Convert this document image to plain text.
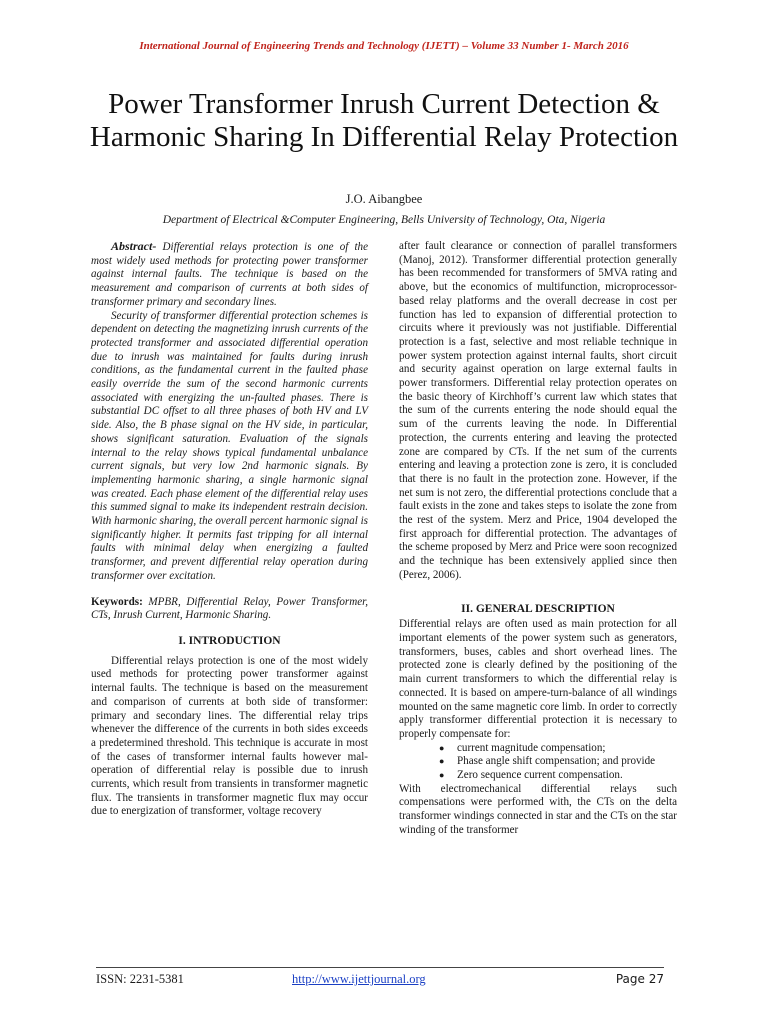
International Journal of Engineering Trends and Technology (IJETT) – Volume 33 Number 1- March 2016
Power Transformer Inrush Current Detection & Harmonic Sharing In Differential Relay Protection
J.O. Aibangbee
Department of Electrical &Computer Engineering, Bells University of Technology, Ota, Nigeria

Abstract- Differential relays protection is one of the most widely used methods for protecting power transformer against internal faults. The technique is based on the measurement and comparison of currents at both sides of transformer primary and secondary lines.

Security of transformer differential protection schemes is dependent on detecting the magnetizing inrush currents of the protected transformer and associated differential operation due to inrush was maintained for faults during inrush conditions, as the fundamental current in the faulted phase easily override the sum of the second harmonic currents associated with energizing the un-faulted phases. There is substantial DC offset to all three phases of both HV and LV side. Also, the B phase signal on the HV side, in particular, shows significant saturation. Evaluation of the signals internal to the relay shows typical fundamental unbalance current signals, but very low 2nd harmonic signals. By implementing harmonic sharing, a single harmonic signal was created. Each phase element of the differential relay uses this summed signal to make its independent restrain decision. With harmonic sharing, the overall percent harmonic signal is significantly higher. It permits fast tripping for all internal faults with minimal delay when energizing a faulted transformer, and prevent differential relay operation during transformer over excitation.

Keywords: MPBR, Differential Relay, Power Transformer, CTs, Inrush Current, Harmonic Sharing.

I. INTRODUCTION

Differential relays protection is one of the most widely used methods for protecting power transformer against internal faults. The technique is based on the measurement and comparison of currents at both side of transformer: primary and secondary lines. The differential relay trips whenever the difference of the currents in both sides exceeds a predetermined threshold. This technique is accurate in most of the cases of transformer internal faults however mal-operation of differential relay is possible due to inrush currents, which result from transients in transformer magnetic flux. The transients in transformer magnetic flux may occur due to energization of transformer, voltage recovery

after fault clearance or connection of parallel transformers (Manoj, 2012). Transformer differential protection generally has been recommended for transformers of 5MVA rating and above, but the economics of multifunction, microprocessor-based relay platforms and the overall decrease in cost per function has led to expansion of differential protection to circuits where it previously was not justifiable. Differential protection is a fast, selective and most reliable technique in power system protection against internal faults, short circuit and security against operation on large external faults in power transformers. Differential relay protection operates on the basic theory of Kirchhoff’s current law which states that the sum of the currents entering the node should equal the sum of the currents leaving the node. In Differential protection, the currents entering and leaving the protected zone are compared by CTs. If the net sum of the currents entering and leaving a protection zone is zero, it is concluded that there is no fault in the protection zone. However, if the net sum is not zero, the differential protections conclude that a fault exists in the zone and takes steps to isolate the zone from the rest of the system. Merz and Price, 1904 developed the first approach for differential protection. The advantages of the scheme proposed by Merz and Price were soon recognized and the technique has been extensively applied since then (Perez, 2006).

II. GENERAL DESCRIPTION

Differential relays are often used as main protection for all important elements of the power system such as generators, transformers, buses, cables and short overhead lines. The protected zone is clearly defined by the positioning of the main current transformers to which the differential relay is connected. It is based on ampere-turn-balance of all windings mounted on the same magnetic core limb. In order to correctly apply transformer differential protection it is necessary to properly compensate for:

● current magnitude compensation;
● Phase angle shift compensation; and provide
● Zero sequence current compensation.

With electromechanical differential relays such compensations were performed with, the CTs on the delta transformer windings connected in star and the CTs on the star winding of the transformer

ISSN: 2231-5381	http://www.ijettjournal.org	Page 27
